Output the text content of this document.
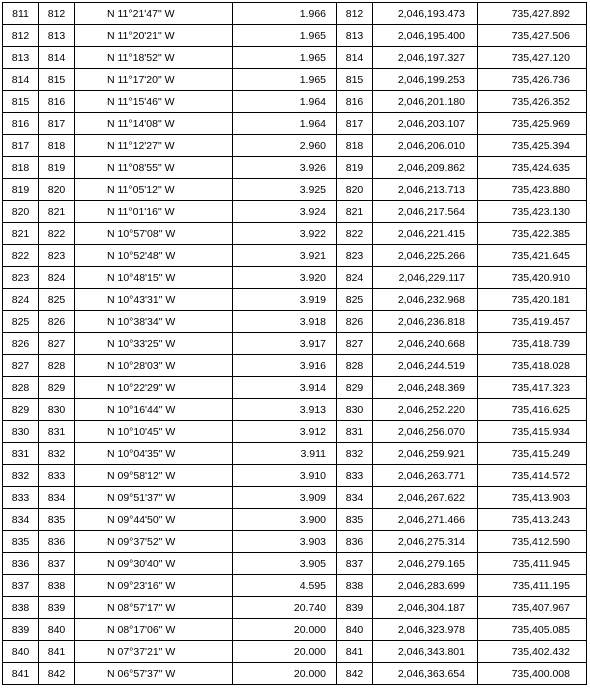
811	812	N 11°21'47" W	1.966	812	2,046,193.473	735,427.892
812	813	N 11°20'21" W	1.965	813	2,046,195.400	735,427.506
813	814	N 11°18'52" W	1.965	814	2,046,197.327	735,427.120
814	815	N 11°17'20" W	1.965	815	2,046,199.253	735,426.736
815	816	N 11°15'46" W	1.964	816	2,046,201.180	735,426.352
816	817	N 11°14'08" W	1.964	817	2,046,203.107	735,425.969
817	818	N 11°12'27" W	2.960	818	2,046,206.010	735,425.394
818	819	N 11°08'55" W	3.926	819	2,046,209.862	735,424.635
819	820	N 11°05'12" W	3.925	820	2,046,213.713	735,423.880
820	821	N 11°01'16" W	3.924	821	2,046,217.564	735,423.130
821	822	N 10°57'08" W	3.922	822	2,046,221.415	735,422.385
822	823	N 10°52'48" W	3.921	823	2,046,225.266	735,421.645
823	824	N 10°48'15" W	3.920	824	2,046,229.117	735,420.910
824	825	N 10°43'31" W	3.919	825	2,046,232.968	735,420.181
825	826	N 10°38'34" W	3.918	826	2,046,236.818	735,419.457
826	827	N 10°33'25" W	3.917	827	2,046,240.668	735,418.739
827	828	N 10°28'03" W	3.916	828	2,046,244.519	735,418.028
828	829	N 10°22'29" W	3.914	829	2,046,248.369	735,417.323
829	830	N 10°16'44" W	3.913	830	2,046,252.220	735,416.625
830	831	N 10°10'45" W	3.912	831	2,046,256.070	735,415.934
831	832	N 10°04'35" W	3.911	832	2,046,259.921	735,415.249
832	833	N 09°58'12" W	3.910	833	2,046,263.771	735,414.572
833	834	N 09°51'37" W	3.909	834	2,046,267.622	735,413.903
834	835	N 09°44'50" W	3.900	835	2,046,271.466	735,413.243
835	836	N 09°37'52" W	3.903	836	2,046,275.314	735,412.590
836	837	N 09°30'40" W	3.905	837	2,046,279.165	735,411.945
837	838	N 09°23'16" W	4.595	838	2,046,283.699	735,411.195
838	839	N 08°57'17" W	20.740	839	2,046,304.187	735,407.967
839	840	N 08°17'06" W	20.000	840	2,046,323.978	735,405.085
840	841	N 07°37'21" W	20.000	841	2,046,343.801	735,402.432
841	842	N 06°57'37" W	20.000	842	2,046,363.654	735,400.008
